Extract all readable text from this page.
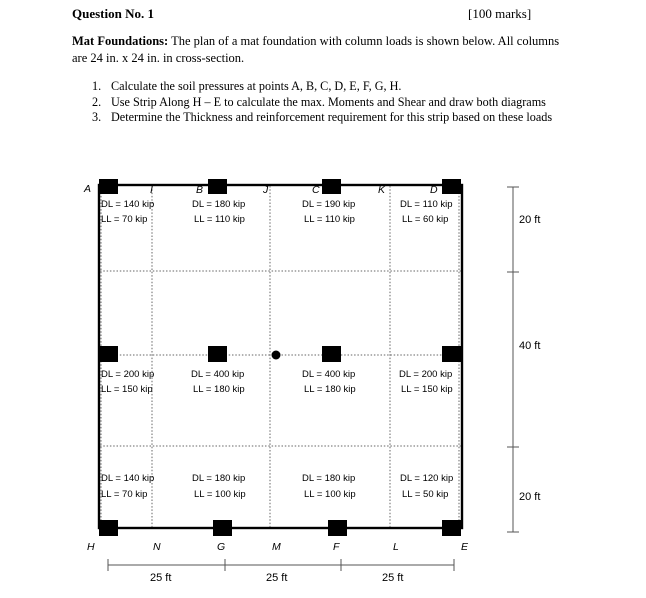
Question No. 1	[100 marks]
Mat Foundations: The plan of a mat foundation with column loads is shown below. All columns are 24 in. x 24 in. in cross-section.
1. Calculate the soil pressures at points A, B, C, D, E, F, G, H.
2. Use Strip Along H – E to calculate the max. Moments and Shear and draw both diagrams
3. Determine the Thickness and reinforcement requirement for this strip based on these loads
A	I	B	J	C	K	D
H	N	G	M	F	L	E
DL = 140 kip
LL = 70 kip
DL = 180 kip
LL = 110 kip
DL = 190 kip
LL = 110 kip
DL = 110 kip
LL = 60 kip
DL = 200 kip
LL = 150 kip
DL = 400 kip
LL = 180 kip
DL = 400 kip
LL = 180 kip
DL = 200 kip
LL = 150 kip
DL = 140 kip
LL = 70 kip
DL = 180 kip
LL = 100 kip
DL = 180 kip
LL = 100 kip
DL = 120 kip
LL = 50 kip
20 ft
40 ft
20 ft
25 ft	25 ft	25 ft
